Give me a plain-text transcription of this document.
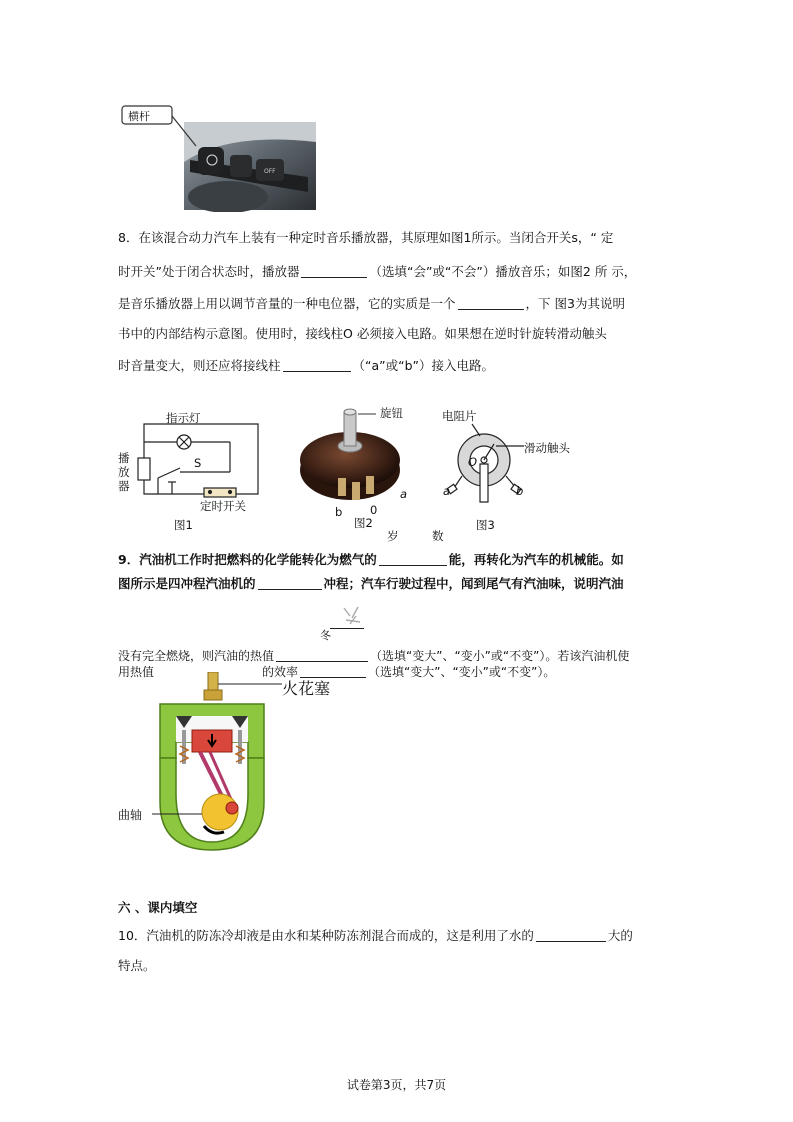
OFF
横杆
8．在该混合动力汽车上装有一种定时音乐播放器，其原理如图1所示。当闭合开关s，“ 定
时开关”处于闭合状态时，播放器	（选填“会”或“不会”）播放音乐；如图2 所 示，
是音乐播放器上用以调节音量的一种电位器，它的实质是一个	，下 图3为其说明
书中的内部结构示意图。使用时，接线柱O 必须接入电路。如果想在逆时针旋转滑动触头
时音量变大，则还应将接线柱	（“a”或“b”）接入电路。
指示灯
播
放
器
S
定时开关
图1
旋钮
a
b 0
图2
电阻片
滑动触头
a
O
b
图3
岁	数
9．汽油机工作时把燃料的化学能转化为燃气的	能，再转化为汽车的机械能。如
图所示是四冲程汽油机的	冲程；汽车行驶过程中，闻到尾气有汽油味，说明汽油
冬
没有完全燃烧，则汽油的热值	（选填“变大”、“变小”或“不变”）。若该汽油机使
用热值	的效率	（选填“变大”、“变小”或“不变”）。
火花塞
曲轴
六 、课内填空
10．汽油机的防冻冷却液是由水和某种防冻剂混合而成的，这是利用了水的	大的
特点。
试卷第3页，共7页
